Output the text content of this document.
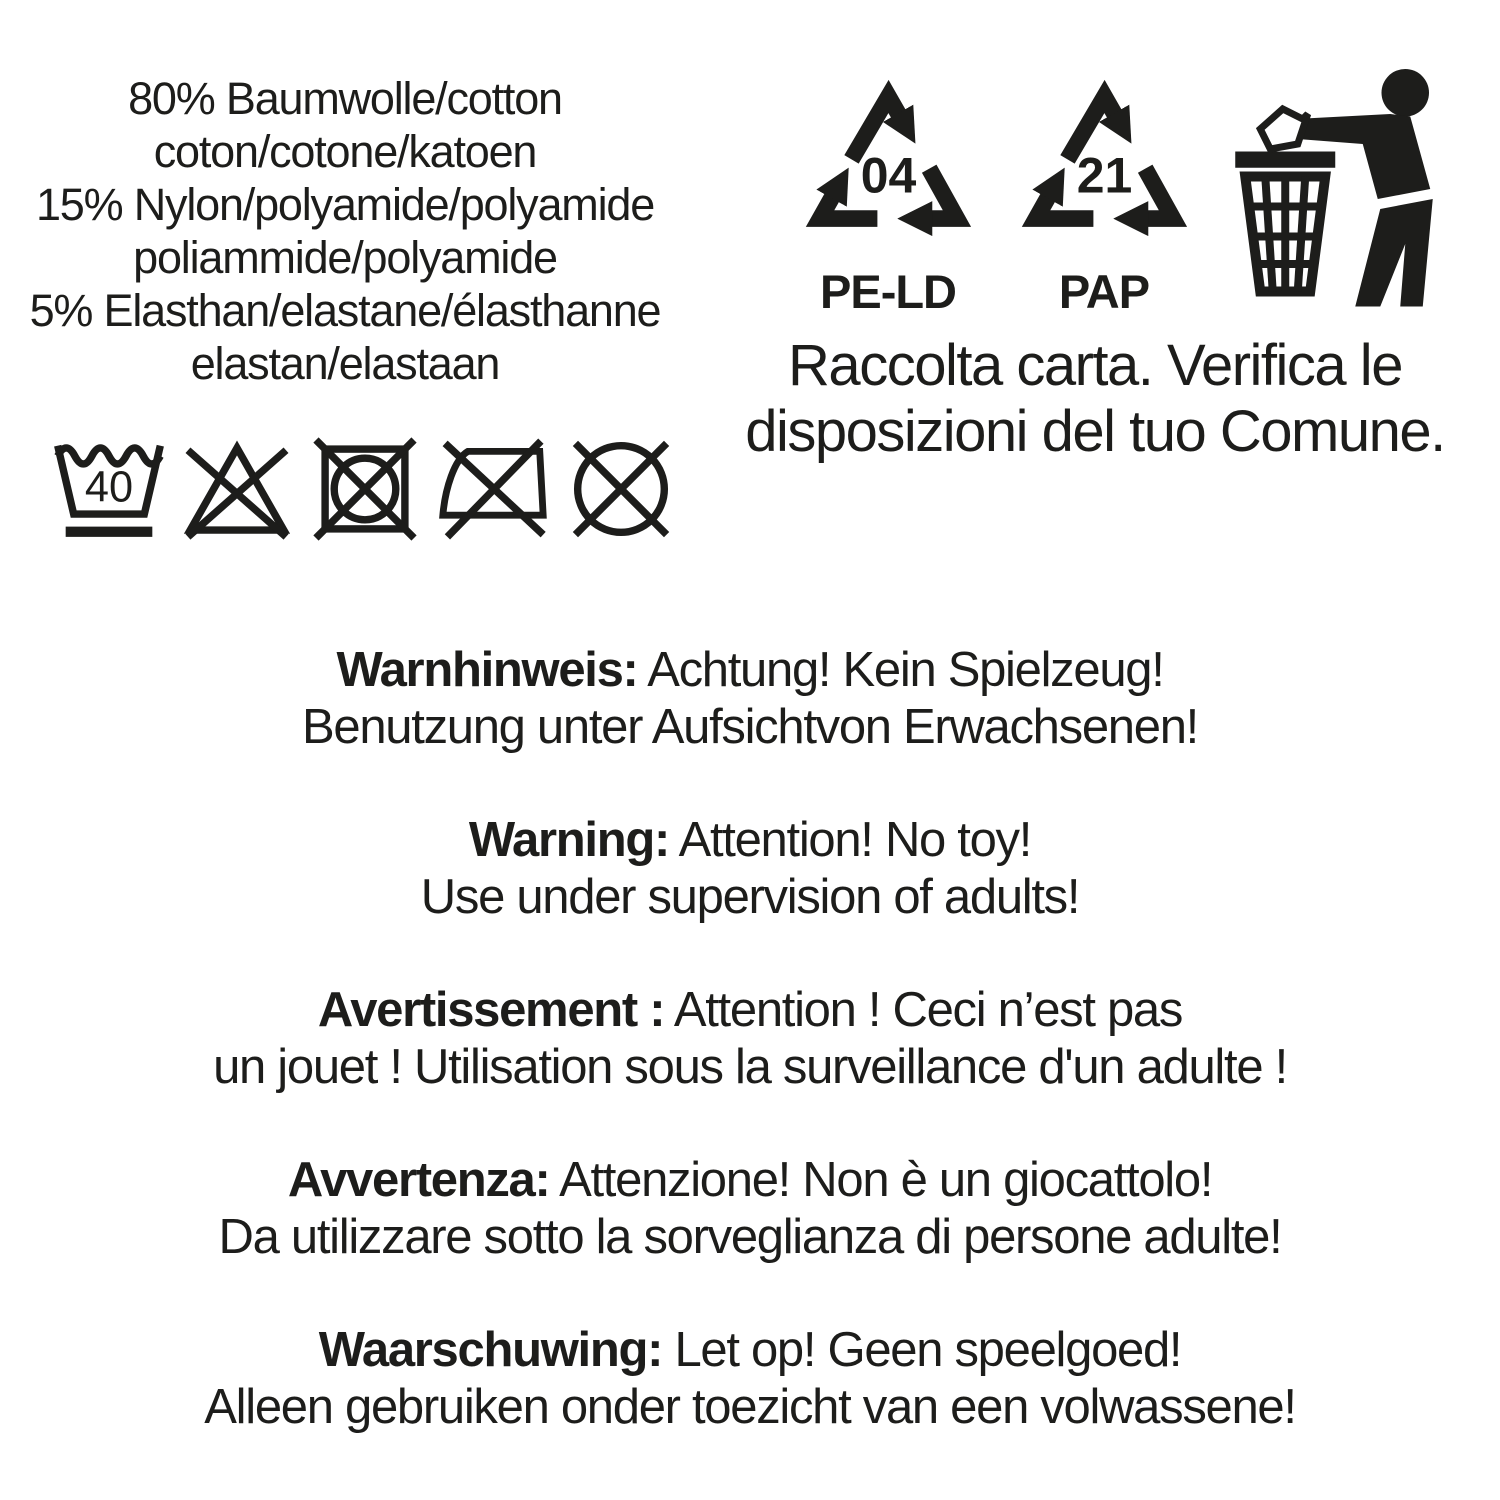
80% Baumwolle/cotton
coton/cotone/katoen
15% Nylon/polyamide/polyamide
poliammide/polyamide
5% Elasthan/elastane/élasthanne
elastan/elastaan
40
04
PE-LD
21
PAP
Raccolta carta. Verifica le
disposizioni del tuo Comune.
Warnhinweis: Achtung! Kein Spielzeug!
Benutzung unter Aufsichtvon Erwachsenen!
Warning: Attention! No toy!
Use under supervision of adults!
Avertissement : Attention ! Ceci n’est pas
un jouet ! Utilisation sous la surveillance d'un adulte !
Avvertenza: Attenzione! Non è un giocattolo!
Da utilizzare sotto la sorveglianza di persone adulte!
Waarschuwing: Let op! Geen speelgoed!
Alleen gebruiken onder toezicht van een volwassene!
